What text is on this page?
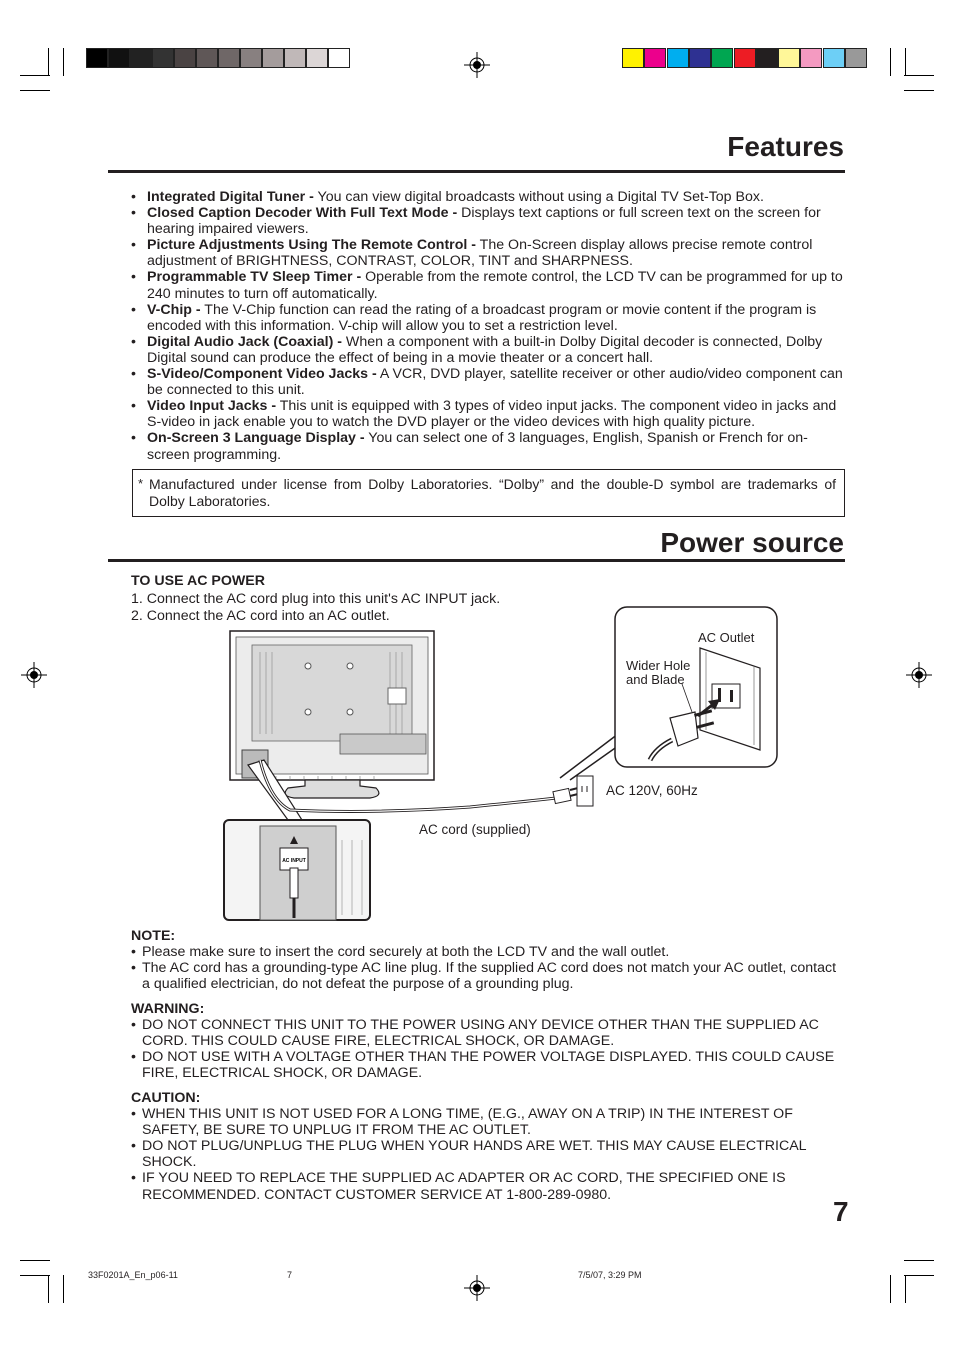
Features
• Integrated Digital Tuner - You can view digital broadcasts without using a Digital TV Set-Top Box.
• Closed Caption Decoder With Full Text Mode - Displays text captions or full screen text on the screen for hearing impaired viewers.
• Picture Adjustments Using The Remote Control - The On-Screen display allows precise remote control adjustment of BRIGHTNESS, CONTRAST, COLOR, TINT and SHARPNESS.
• Programmable TV Sleep Timer - Operable from the remote control, the LCD TV can be programmed for up to 240 minutes to turn off automatically.
• V-Chip - The V-Chip function can read the rating of a broadcast program or movie content if the program is encoded with this information. V-chip will allow you to set a restriction level.
• Digital Audio Jack (Coaxial) - When a component with a built-in Dolby Digital decoder is connected, Dolby Digital sound can produce the effect of being in a movie theater or a concert hall.
• S-Video/Component Video Jacks - A VCR, DVD player, satellite receiver or other audio/video component can be connected to this unit.
• Video Input Jacks - This unit is equipped with 3 types of video input jacks. The component video in jacks and S-video in jack enable you to watch the DVD player or the video devices with high quality picture.
• On-Screen 3 Language Display - You can select one of 3 languages, English, Spanish or French for on-screen programming.
* Manufactured under license from Dolby Laboratories. “Dolby” and the double-D symbol are trademarks of Dolby Laboratories.
Power source
TO USE AC POWER
1. Connect the AC cord plug into this unit's AC INPUT jack.
2. Connect the AC cord into an AC outlet.
AC INPUT
AC Outlet
Wider Hole
and Blade
AC 120V, 60Hz
AC cord (supplied)
NOTE:
• Please make sure to insert the cord securely at both the LCD TV and the wall outlet.
• The AC cord has a grounding-type AC line plug. If the supplied AC cord does not match your AC outlet, contact a qualified electrician, do not defeat the purpose of a grounding plug.
WARNING:
• DO NOT CONNECT THIS UNIT TO THE POWER USING ANY DEVICE OTHER THAN THE SUPPLIED AC CORD. THIS COULD CAUSE FIRE, ELECTRICAL SHOCK, OR DAMAGE.
• DO NOT USE WITH A VOLTAGE OTHER THAN THE POWER VOLTAGE DISPLAYED. THIS COULD CAUSE FIRE, ELECTRICAL SHOCK, OR DAMAGE.
CAUTION:
• WHEN THIS UNIT IS NOT USED FOR A LONG TIME, (E.G., AWAY ON A TRIP) IN THE INTEREST OF SAFETY, BE SURE TO UNPLUG IT FROM THE AC OUTLET.
• DO NOT PLUG/UNPLUG THE PLUG WHEN YOUR HANDS ARE WET. THIS MAY CAUSE ELECTRICAL SHOCK.
• IF YOU NEED TO REPLACE THE SUPPLIED AC ADAPTER OR AC CORD, THE SPECIFIED ONE IS RECOMMENDED. CONTACT CUSTOMER SERVICE AT 1-800-289-0980.
7
33F0201A_En_p06-11	7	7/5/07, 3:29 PM
